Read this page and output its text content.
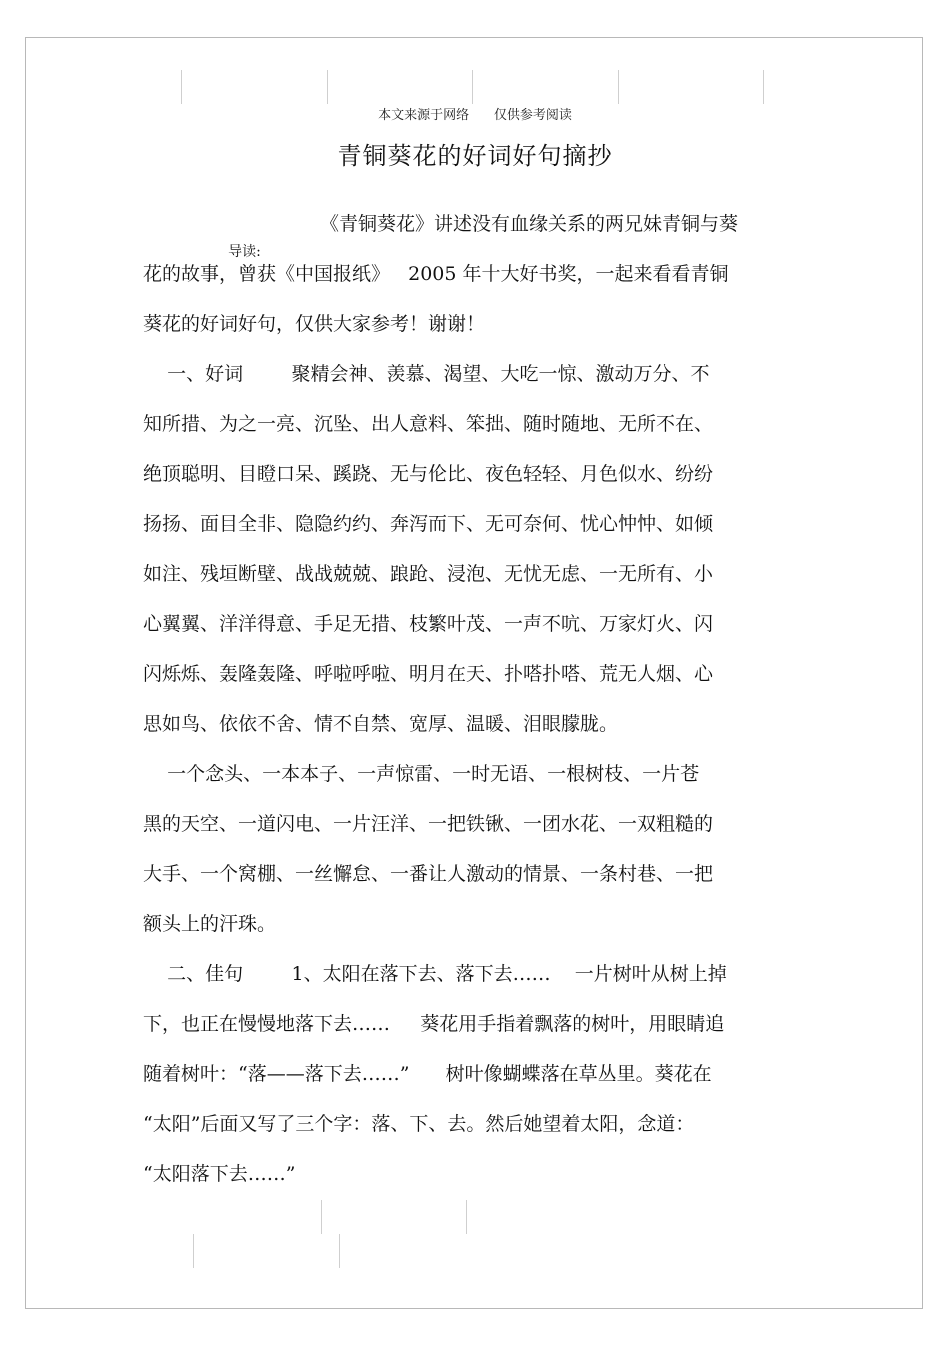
本文来源于网络      仅供参考阅读
青铜葵花的好词好句摘抄

导读:

《青铜葵花》讲述没有血缘关系的两兄妹青铜与葵
花的故事，曾获《中国报纸》   2005 年十大好书奖，一起来看看青铜
葵花的好词好句，仅供大家参考！谢谢！
一、好词        聚精会神、羡慕、渴望、大吃一惊、激动万分、不
知所措、为之一亮、沉坠、出人意料、笨拙、随时随地、无所不在、
绝顶聪明、目瞪口呆、蹊跷、无与伦比、夜色轻轻、月色似水、纷纷
扬扬、面目全非、隐隐约约、奔泻而下、无可奈何、忧心忡忡、如倾
如注、残垣断壁、战战兢兢、踉跄、浸泡、无忧无虑、一无所有、小
心翼翼、洋洋得意、手足无措、枝繁叶茂、一声不吭、万家灯火、闪
闪烁烁、轰隆轰隆、呼啦呼啦、明月在天、扑嗒扑嗒、荒无人烟、心
思如鸟、依依不舍、情不自禁、宽厚、温暖、泪眼朦胧。
一个念头、一本本子、一声惊雷、一时无语、一根树枝、一片苍
黑的天空、一道闪电、一片汪洋、一把铁锹、一团水花、一双粗糙的
大手、一个窝棚、一丝懈怠、一番让人激动的情景、一条村巷、一把
额头上的汗珠。
二、佳句        1、太阳在落下去、落下去……    一片树叶从树上掉
下，也正在慢慢地落下去……     葵花用手指着飘落的树叶，用眼睛追
随着树叶：“落——落下去……”      树叶像蝴蝶落在草丛里。葵花在
“太阳”后面又写了三个字：落、下、去。然后她望着太阳，念道：
“太阳落下去……”
